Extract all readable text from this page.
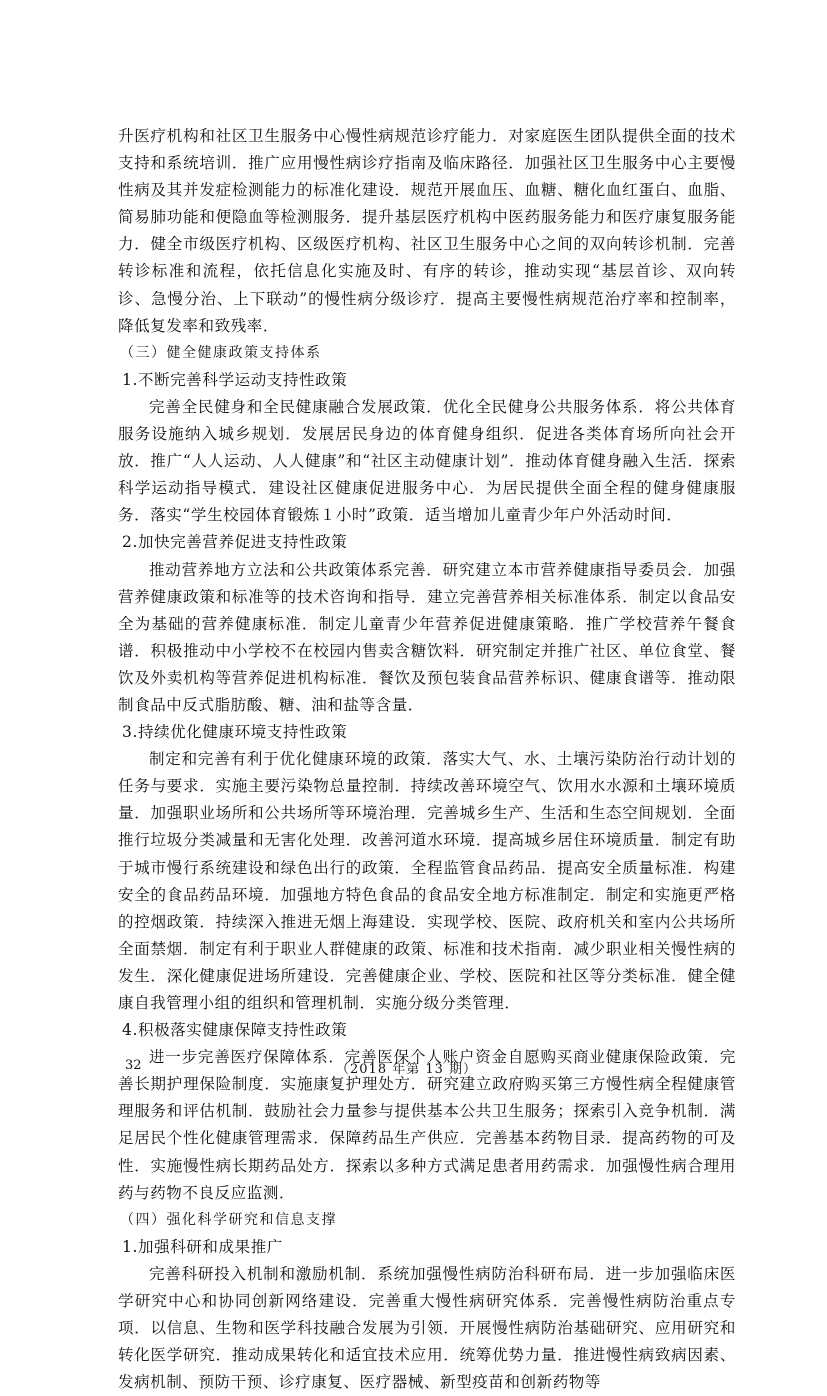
升医疗机构和社区卫生服务中心慢性病规范诊疗能力．对家庭医生团队提供全面的技术支持和系统培训．推广应用慢性病诊疗指南及临床路径．加强社区卫生服务中心主要慢性病及其并发症检测能力的标准化建设．规范开展血压、血糖、糖化血红蛋白、血脂、简易肺功能和便隐血等检测服务．提升基层医疗机构中医药服务能力和医疗康复服务能力．健全市级医疗机构、区级医疗机构、社区卫生服务中心之间的双向转诊机制．完善转诊标准和流程，依托信息化实施及时、有序的转诊，推动实现“基层首诊、双向转诊、急慢分治、上下联动”的慢性病分级诊疗．提高主要慢性病规范治疗率和控制率，降低复发率和致残率．

（三）健全健康政策支持体系
1.不断完善科学运动支持性政策

完善全民健身和全民健康融合发展政策．优化全民健身公共服务体系．将公共体育服务设施纳入城乡规划．发展居民身边的体育健身组织．促进各类体育场所向社会开放．推广“人人运动、人人健康”和“社区主动健康计划”．推动体育健身融入生活．探索科学运动指导模式．建设社区健康促进服务中心．为居民提供全面全程的健身健康服务．落实“学生校园体育锻炼１小时”政策．适当增加儿童青少年户外活动时间．

2.加快完善营养促进支持性政策

推动营养地方立法和公共政策体系完善．研究建立本市营养健康指导委员会．加强营养健康政策和标准等的技术咨询和指导．建立完善营养相关标准体系．制定以食品安全为基础的营养健康标准．制定儿童青少年营养促进健康策略．推广学校营养午餐食谱．积极推动中小学校不在校园内售卖含糖饮料．研究制定并推广社区、单位食堂、餐饮及外卖机构等营养促进机构标准．餐饮及预包装食品营养标识、健康食谱等．推动限制食品中反式脂肪酸、糖、油和盐等含量．

3.持续优化健康环境支持性政策

制定和完善有利于优化健康环境的政策．落实大气、水、土壤污染防治行动计划的任务与要求．实施主要污染物总量控制．持续改善环境空气、饮用水水源和土壤环境质量．加强职业场所和公共场所等环境治理．完善城乡生产、生活和生态空间规划．全面推行垃圾分类减量和无害化处理．改善河道水环境．提高城乡居住环境质量．制定有助于城市慢行系统建设和绿色出行的政策．全程监管食品药品．提高安全质量标准．构建安全的食品药品环境．加强地方特色食品的食品安全地方标准制定．制定和实施更严格的控烟政策．持续深入推进无烟上海建设．实现学校、医院、政府机关和室内公共场所全面禁烟．制定有利于职业人群健康的政策、标准和技术指南．减少职业相关慢性病的发生．深化健康促进场所建设．完善健康企业、学校、医院和社区等分类标准．健全健康自我管理小组的组织和管理机制．实施分级分类管理．

4.积极落实健康保障支持性政策

进一步完善医疗保障体系．完善医保个人账户资金自愿购买商业健康保险政策．完善长期护理保险制度．实施康复护理处方．研究建立政府购买第三方慢性病全程健康管理服务和评估机制．鼓励社会力量参与提供基本公共卫生服务；探索引入竞争机制．满足居民个性化健康管理需求．保障药品生产供应．完善基本药物目录．提高药物的可及性．实施慢性病长期药品处方．探索以多种方式满足患者用药需求．加强慢性病合理用药与药物不良反应监测．

（四）强化科学研究和信息支撑
1.加强科研和成果推广

完善科研投入机制和激励机制．系统加强慢性病防治科研布局．进一步加强临床医学研究中心和协同创新网络建设．完善重大慢性病研究体系．完善慢性病防治重点专项．以信息、生物和医学科技融合发展为引领．开展慢性病防治基础研究、应用研究和转化医学研究．推动成果转化和适宜技术应用．统筹优势力量．推进慢性病致病因素、发病机制、预防干预、诊疗康复、医疗器械、新型疫苗和创新药物等

32	（2018 年第 13 期）
